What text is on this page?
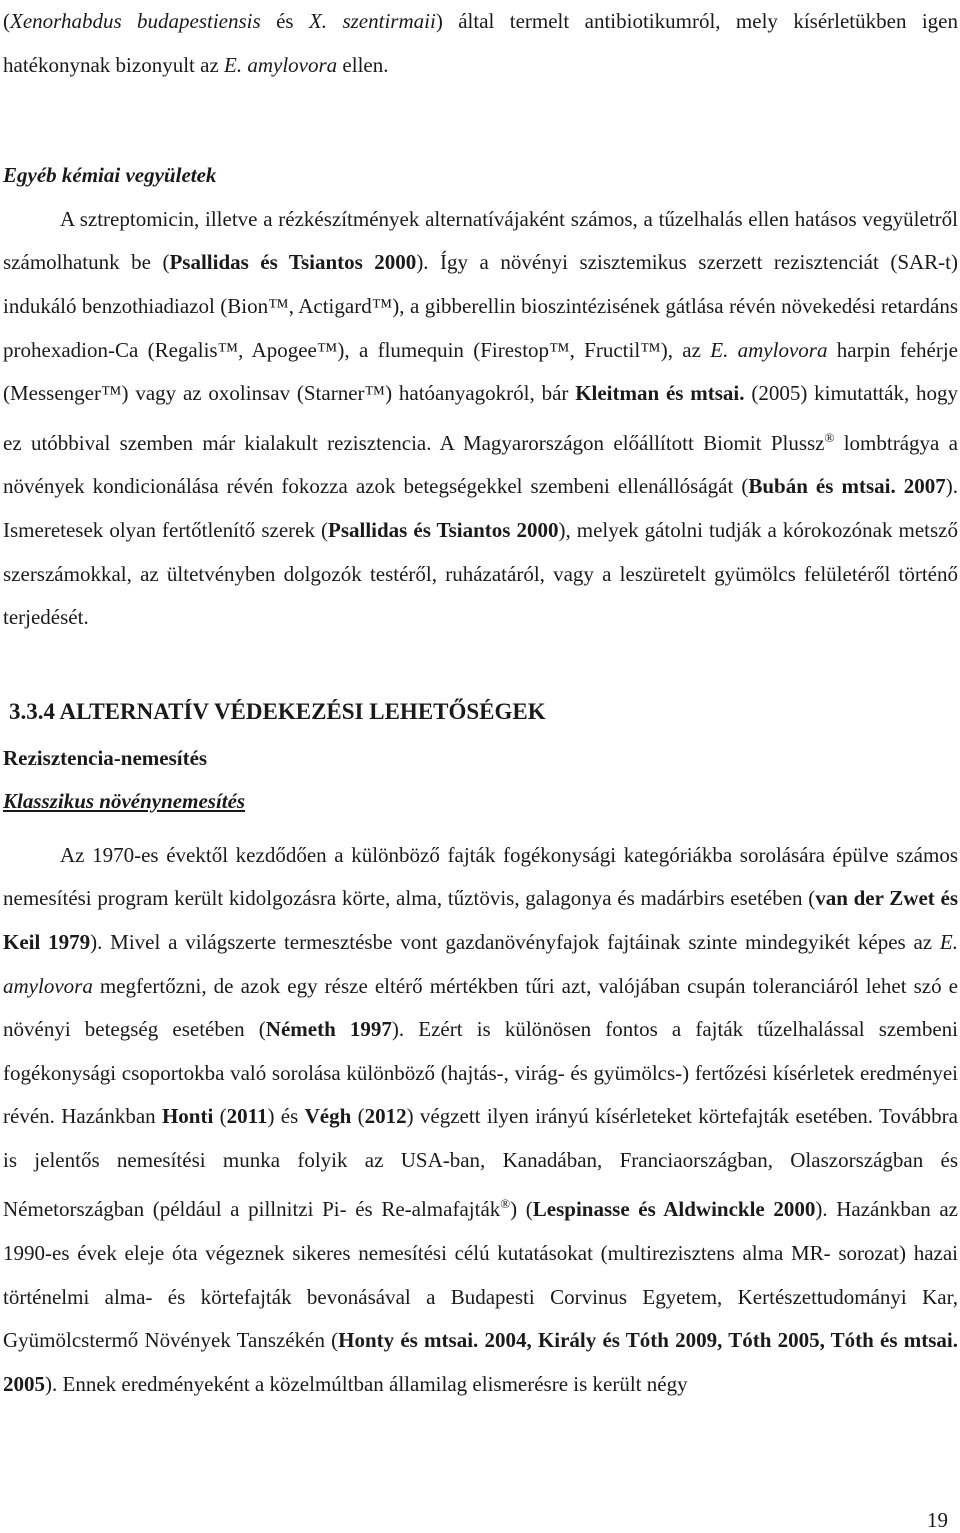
(Xenorhabdus budapestiensis és X. szentirmaii) által termelt antibiotikumról, mely kísérletükben igen hatékonynak bizonyult az E. amylovora ellen.

Egyéb kémiai vegyületek

A sztreptomicin, illetve a rézkészítmények alternatívájaként számos, a tűzelhalás ellen hatásos vegyületről számolhatunk be (Psallidas és Tsiantos 2000). Így a növényi szisztemikus szerzett rezisztenciát (SAR-t) indukáló benzothiadiazol (Bion™, Actigard™), a gibberellin bioszintézisének gátlása révén növekedési retardáns prohexadion-Ca (Regalis™, Apogee™), a flumequin (Firestop™, Fructil™), az E. amylovora harpin fehérje (Messenger™) vagy az oxolinsav (Starner™) hatóanyagokról, bár Kleitman és mtsai. (2005) kimutatták, hogy ez utóbbival szemben már kialakult rezisztencia. A Magyarországon előállított Biomit Plussz® lombtrágya a növények kondicionálása révén fokozza azok betegségekkel szembeni ellenállóságát (Bubán és mtsai. 2007). Ismeretesek olyan fertőtlenítő szerek (Psallidas és Tsiantos 2000), melyek gátolni tudják a kórokozónak metsző szerszámokkal, az ültetvényben dolgozók testéről, ruházatáról, vagy a leszüretelt gyümölcs felületéről történő terjedését.

3.3.4 ALTERNATÍV VÉDEKEZÉSI LEHETŐSÉGEK

Rezisztencia-nemesítés

Klasszikus növénynemesítés

Az 1970-es évektől kezdődően a különböző fajták fogékonysági kategóriákba sorolására épülve számos nemesítési program került kidolgozásra körte, alma, tűztövis, galagonya és madárbirs esetében (van der Zwet és Keil 1979). Mivel a világszerte termesztésbe vont gazdanövényfajok fajtáinak szinte mindegyikét képes az E. amylovora megfertőzni, de azok egy része eltérő mértékben tűri azt, valójában csupán toleranciáról lehet szó e növényi betegség esetében (Németh 1997). Ezért is különösen fontos a fajták tűzelhalással szembeni fogékonysági csoportokba való sorolása különböző (hajtás-, virág- és gyümölcs-) fertőzési kísérletek eredményei révén. Hazánkban Honti (2011) és Végh (2012) végzett ilyen irányú kísérleteket körtefajták esetében. Továbbra is jelentős nemesítési munka folyik az USA-ban, Kanadában, Franciaországban, Olaszországban és Németországban (például a pillnitzi Pi- és Re-almafajták®) (Lespinasse és Aldwinckle 2000). Hazánkban az 1990-es évek eleje óta végeznek sikeres nemesítési célú kutatásokat (multirezisztens alma MR- sorozat) hazai történelmi alma- és körtefajták bevonásával a Budapesti Corvinus Egyetem, Kertészettudományi Kar, Gyümölcstermő Növények Tanszékén (Honty és mtsai. 2004, Király és Tóth 2009, Tóth 2005, Tóth és mtsai. 2005). Ennek eredményeként a közelmúltban államilag elismerésre is került négy

19
